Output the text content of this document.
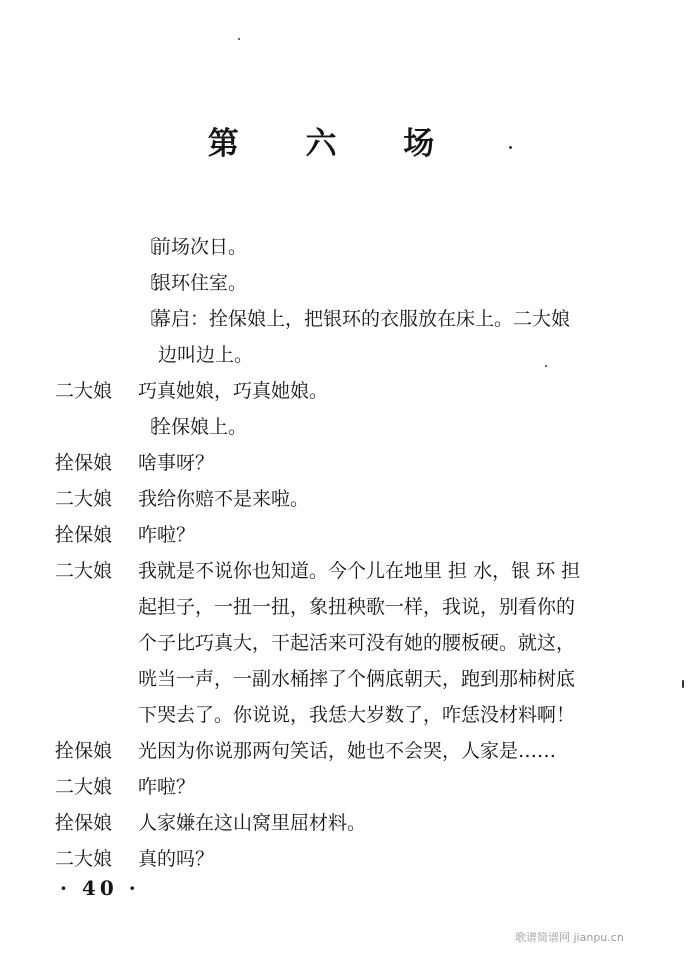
第 六 场
〔前场次日。
〔银环住室。
〔幕启：拴保娘上，把银环的衣服放在床上。二大娘
边叫边上。
二大娘 巧真她娘，巧真她娘。
〔拴保娘上。
拴保娘 啥事呀？
二大娘 我给你赔不是来啦。
拴保娘 咋啦？
二大娘 我就是不说你也知道。今个儿在地里 担 水，银 环 担
起担子，一扭一扭，象扭秧歌一样，我说，别看你的
个子比巧真大，干起活来可没有她的腰板硬。就这，
咣当一声，一副水桶摔了个俩底朝天，跑到那柿树底
下哭去了。你说说，我恁大岁数了，咋恁没材料啊！
拴保娘 光因为你说那两句笑话，她也不会哭，人家是……
二大娘 咋啦？
拴保娘 人家嫌在这山窝里屈材料。
二大娘 真的吗？
· 40 ·
歌谱简谱网 jianpu.cn
